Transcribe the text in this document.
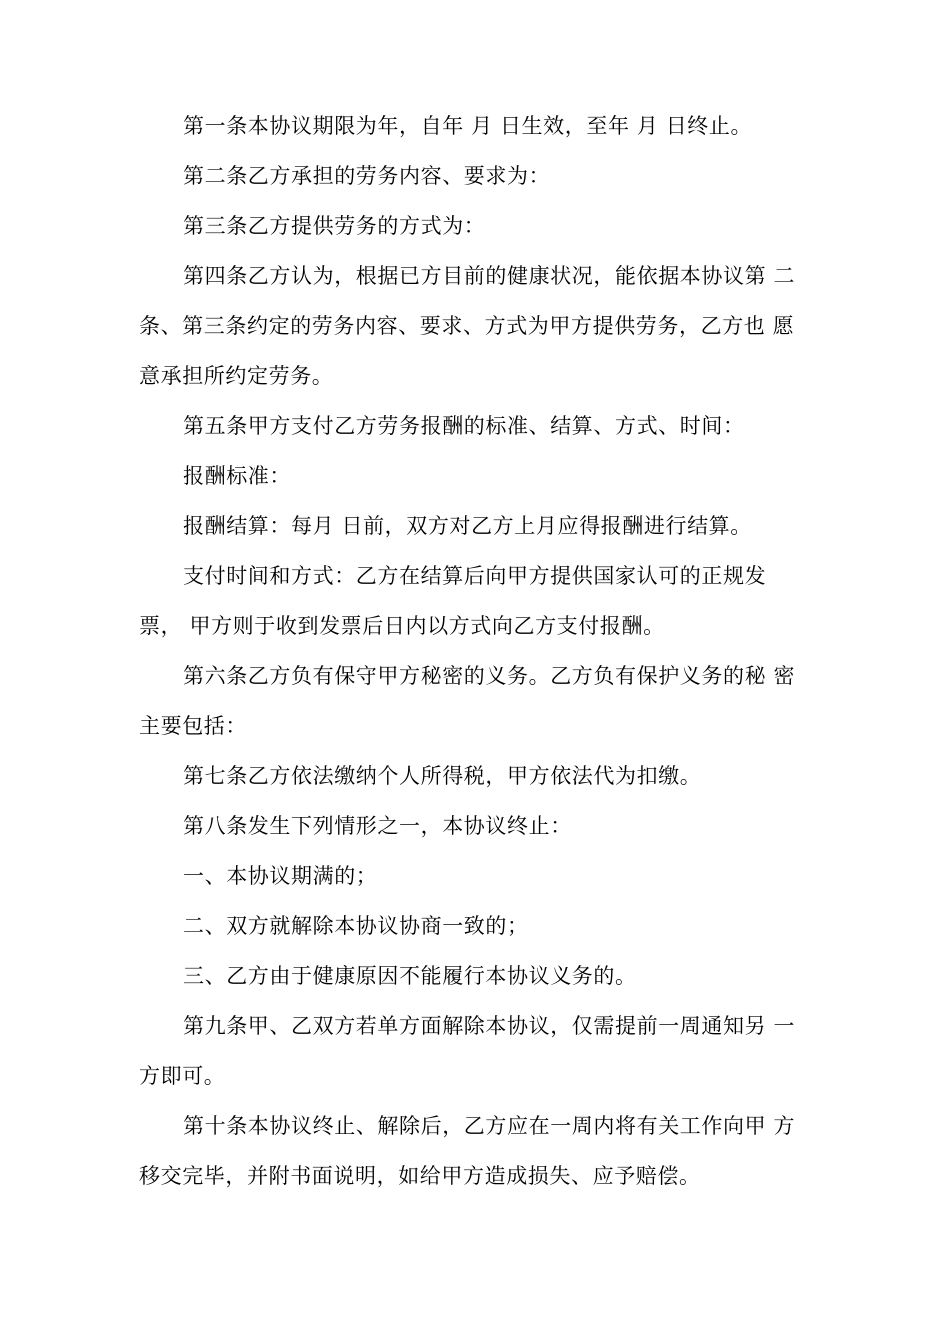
第一条本协议期限为年，自年 月 日生效，至年 月 日终止。
第二条乙方承担的劳务内容、要求为：
第三条乙方提供劳务的方式为：
第四条乙方认为，根据已方目前的健康状况，能依据本协议第 二
条、第三条约定的劳务内容、要求、方式为甲方提供劳务，乙方也 愿
意承担所约定劳务。
第五条甲方支付乙方劳务报酬的标准、结算、方式、时间：
报酬标准：
报酬结算：每月 日前，双方对乙方上月应得报酬进行结算。
支付时间和方式：乙方在结算后向甲方提供国家认可的正规发
票， 甲方则于收到发票后日内以方式向乙方支付报酬。
第六条乙方负有保守甲方秘密的义务。乙方负有保护义务的秘 密
主要包括：
第七条乙方依法缴纳个人所得税，甲方依法代为扣缴。
第八条发生下列情形之一，本协议终止：
一、本协议期满的；
二、双方就解除本协议协商一致的；
三、乙方由于健康原因不能履行本协议义务的。
第九条甲、乙双方若单方面解除本协议，仅需提前一周通知另 一
方即可。
第十条本协议终止、解除后，乙方应在一周内将有关工作向甲 方
移交完毕，并附书面说明，如给甲方造成损失、应予赔偿。
